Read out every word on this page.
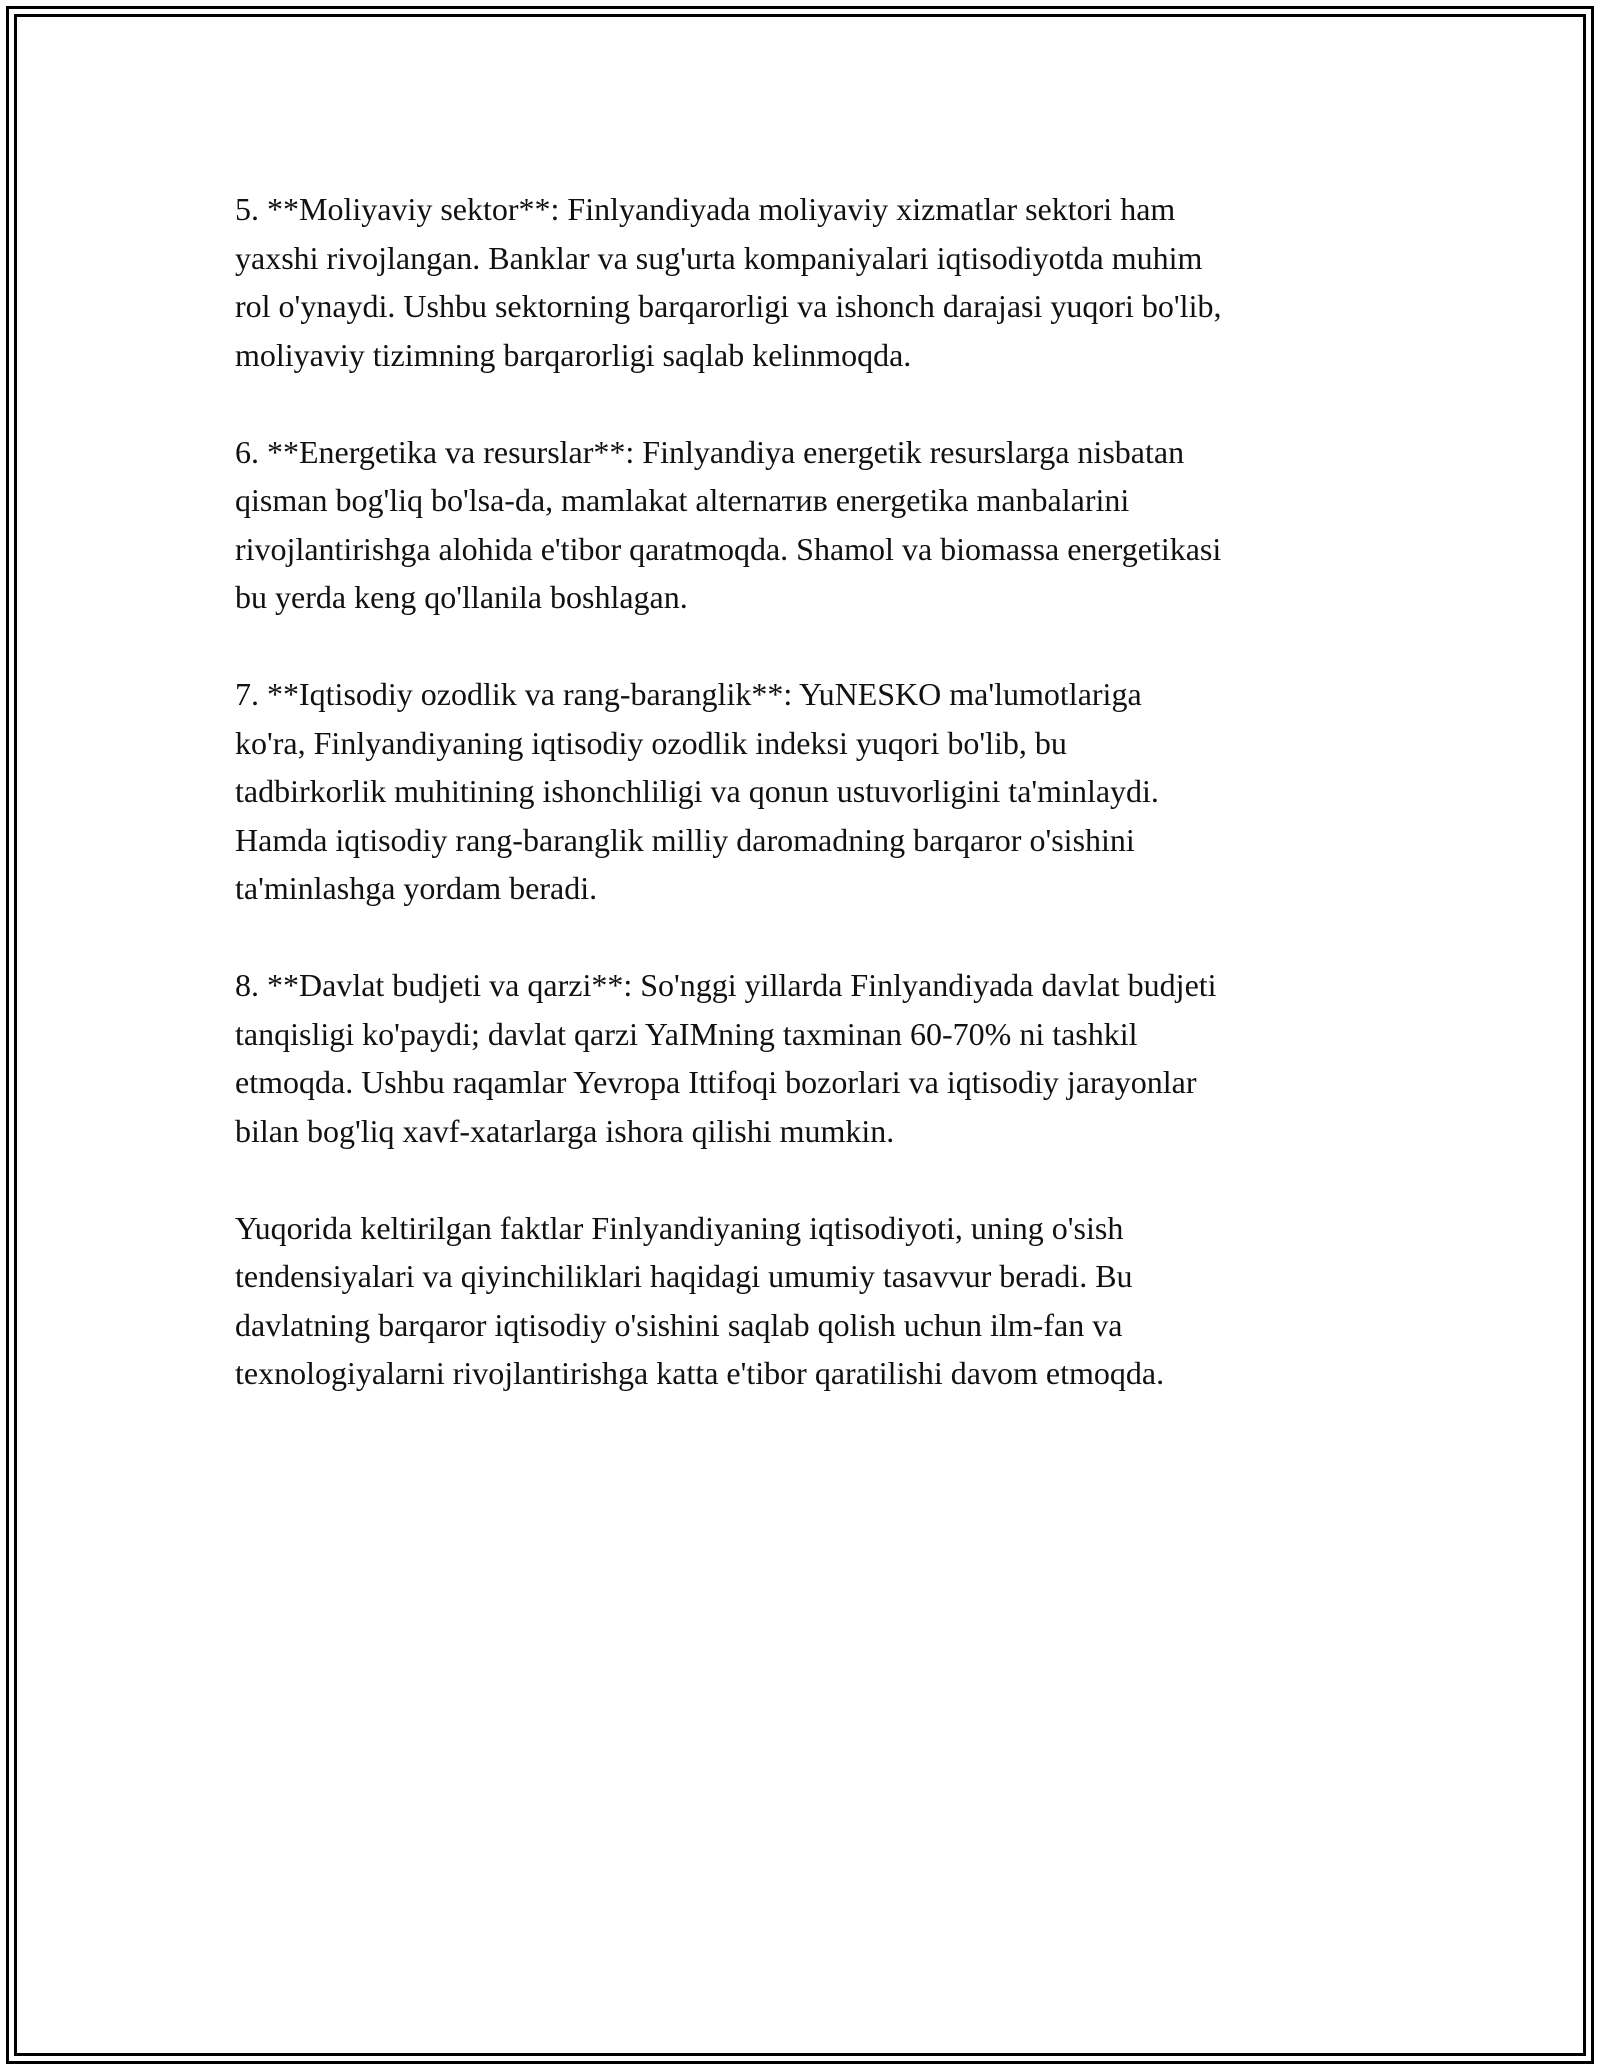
5. **Moliyaviy sektor**: Finlyandiyada moliyaviy xizmatlar sektori ham
yaxshi rivojlangan. Banklar va sug'urta kompaniyalari iqtisodiyotda muhim
rol o'ynaydi. Ushbu sektorning barqarorligi va ishonch darajasi yuqori bo'lib,
moliyaviy tizimning barqarorligi saqlab kelinmoqda.

6. **Energetika va resurslar**: Finlyandiya energetik resurslarga nisbatan
qisman bog'liq bo'lsa-da, mamlakat alternатив energetika manbalarini
rivojlantirishga alohida e'tibor qaratmoqda. Shamol va biomassa energetikasi
bu yerda keng qo'llanila boshlagan.

7. **Iqtisodiy ozodlik va rang-baranglik**: YuNESKO ma'lumotlariga
ko'ra, Finlyandiyaning iqtisodiy ozodlik indeksi yuqori bo'lib, bu
tadbirkorlik muhitining ishonchliligi va qonun ustuvorligini ta'minlaydi.
Hamda iqtisodiy rang-baranglik milliy daromadning barqaror o'sishini
ta'minlashga yordam beradi.

8. **Davlat budjeti va qarzi**: So'nggi yillarda Finlyandiyada davlat budjeti
tanqisligi ko'paydi; davlat qarzi YaIMning taxminan 60-70% ni tashkil
etmoqda. Ushbu raqamlar Yevropa Ittifoqi bozorlari va iqtisodiy jarayonlar
bilan bog'liq xavf-xatarlarga ishora qilishi mumkin.

Yuqorida keltirilgan faktlar Finlyandiyaning iqtisodiyoti, uning o'sish
tendensiyalari va qiyinchiliklari haqidagi umumiy tasavvur beradi. Bu
davlatning barqaror iqtisodiy o'sishini saqlab qolish uchun ilm-fan va
texnologiyalarni rivojlantirishga katta e'tibor qaratilishi davom etmoqda.
